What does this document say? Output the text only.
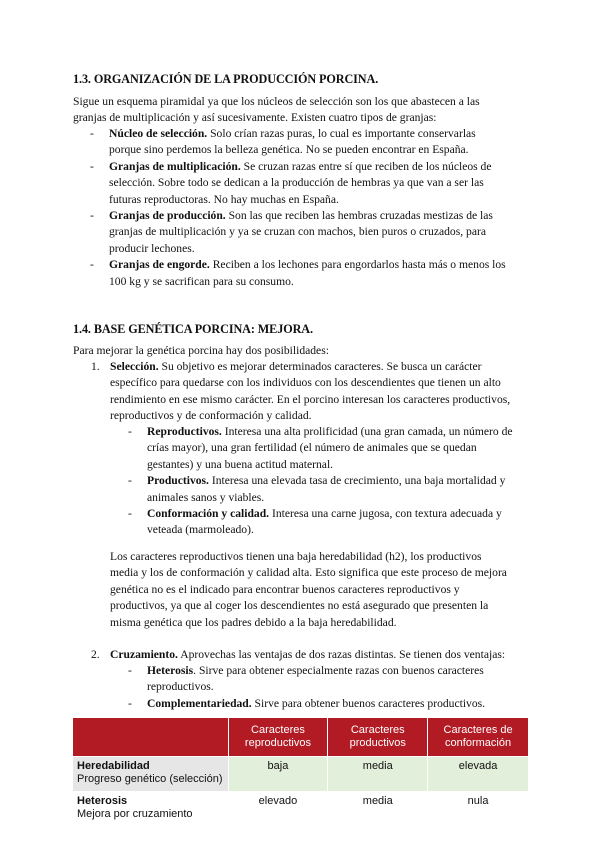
1.3. ORGANIZACIÓN DE LA PRODUCCIÓN PORCINA.
Sigue un esquema piramidal ya que los núcleos de selección son los que abastecen a las
granjas de multiplicación y así sucesivamente. Existen cuatro tipos de granjas:
- Núcleo de selección. Solo crían razas puras, lo cual es importante conservarlas
porque sino perdemos la belleza genética. No se pueden encontrar en España.
- Granjas de multiplicación. Se cruzan razas entre sí que reciben de los núcleos de
selección. Sobre todo se dedican a la producción de hembras ya que van a ser las
futuras reproductoras. No hay muchas en España.
- Granjas de producción. Son las que reciben las hembras cruzadas mestizas de las
granjas de multiplicación y ya se cruzan con machos, bien puros o cruzados, para
producir lechones.
- Granjas de engorde. Reciben a los lechones para engordarlos hasta más o menos los
100 kg y se sacrifican para su consumo.
1.4. BASE GENÉTICA PORCINA: MEJORA.
Para mejorar la genética porcina hay dos posibilidades:
1. Selección. Su objetivo es mejorar determinados caracteres. Se busca un carácter
específico para quedarse con los individuos con los descendientes que tienen un alto
rendimiento en ese mismo carácter. En el porcino interesan los caracteres productivos,
reproductivos y de conformación y calidad.
- Reproductivos. Interesa una alta prolificidad (una gran camada, un número de
crías mayor), una gran fertilidad (el número de animales que se quedan
gestantes) y una buena actitud maternal.
- Productivos. Interesa una elevada tasa de crecimiento, una baja mortalidad y
animales sanos y viables.
- Conformación y calidad. Interesa una carne jugosa, con textura adecuada y
veteada (marmoleado).
Los caracteres reproductivos tienen una baja heredabilidad (h2), los productivos
media y los de conformación y calidad alta. Esto significa que este proceso de mejora
genética no es el indicado para encontrar buenos caracteres reproductivos y
productivos, ya que al coger los descendientes no está asegurado que presenten la
misma genética que los padres debido a la baja heredabilidad.
2. Cruzamiento. Aprovechas las ventajas de dos razas distintas. Se tienen dos ventajas:
- Heterosis. Sirve para obtener especialmente razas con buenos caracteres
reproductivos.
- Complementariedad. Sirve para obtener buenos caracteres productivos.
	Caracteres reproductivos	Caracteres productivos	Caracteres de conformación

Heredabilidad
Progreso genético (selección)	baja	media	elevada

Heterosis
Mejora por cruzamiento	elevado	media	nula
